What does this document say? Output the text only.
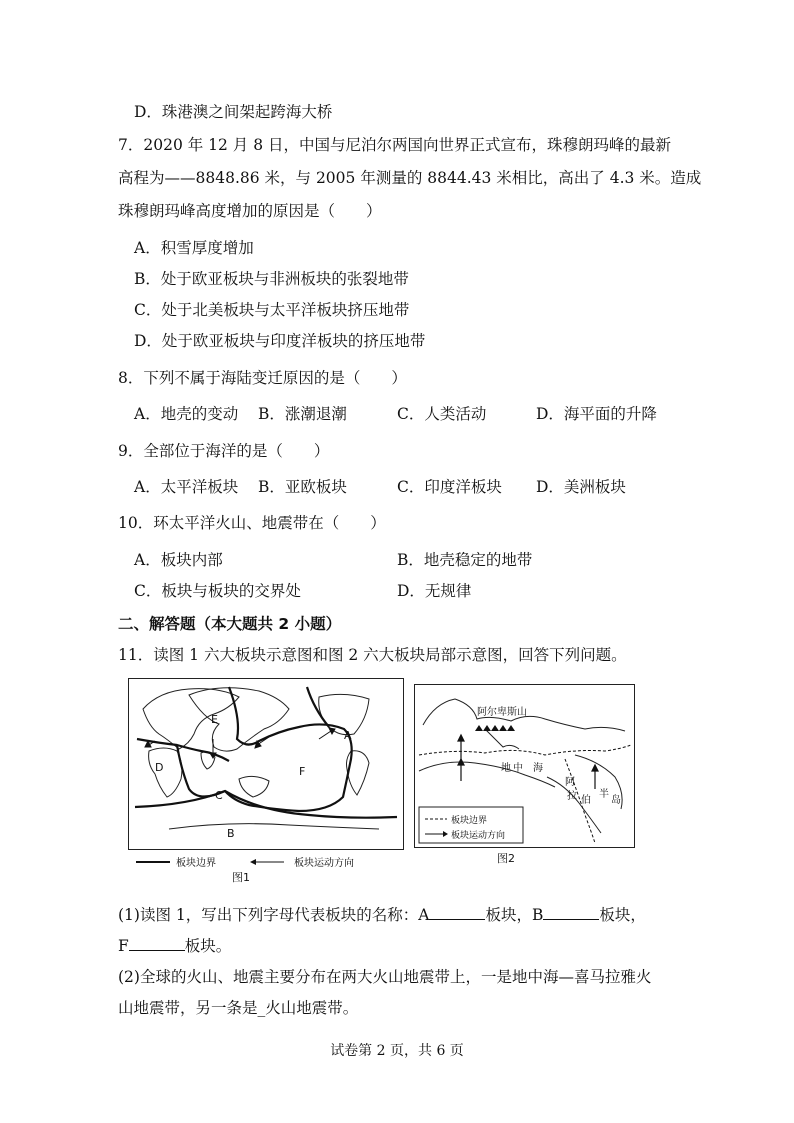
D．珠港澳之间架起跨海大桥
7．2020 年 12 月 8 日，中国与尼泊尔两国向世界正式宣布，珠穆朗玛峰的最新
高程为——8848.86 米，与 2005 年测量的 8844.43 米相比，高出了 4.3 米。造成
珠穆朗玛峰高度增加的原因是（　　）
A．积雪厚度增加
B．处于欧亚板块与非洲板块的张裂地带
C．处于北美板块与太平洋板块挤压地带
D．处于欧亚板块与印度洋板块的挤压地带
8．下列不属于海陆变迁原因的是（　　）
A．地壳的变动 B．涨潮退潮	C．人类活动	D．海平面的升降
9．全部位于海洋的是（　　）
A．太平洋板块 B．亚欧板块	C．印度洋板块 D．美洲板块
10．环太平洋火山、地震带在（　　）
A．板块内部	B．地壳稳定的地带
C．板块与板块的交界处	D．无规律
二、解答题（本大题共 2 小题）
11．读图 1 六大板块示意图和图 2 六大板块局部示意图，回答下列问题。
A
B
C
D
E
F
板块边界	板块运动方向
图1
阿尔卑斯山
地 中 海
阿
拉 伯
半
岛
板块边界
板块运动方向
图2
(1)读图 1，写出下列字母代表板块的名称：A	板块，B	板块，
F	板块。
(2)全球的火山、地震主要分布在两大火山地震带上，一是地中海—喜马拉雅火
山地震带，另一条是_火山地震带。
试卷第 2 页，共 6 页
